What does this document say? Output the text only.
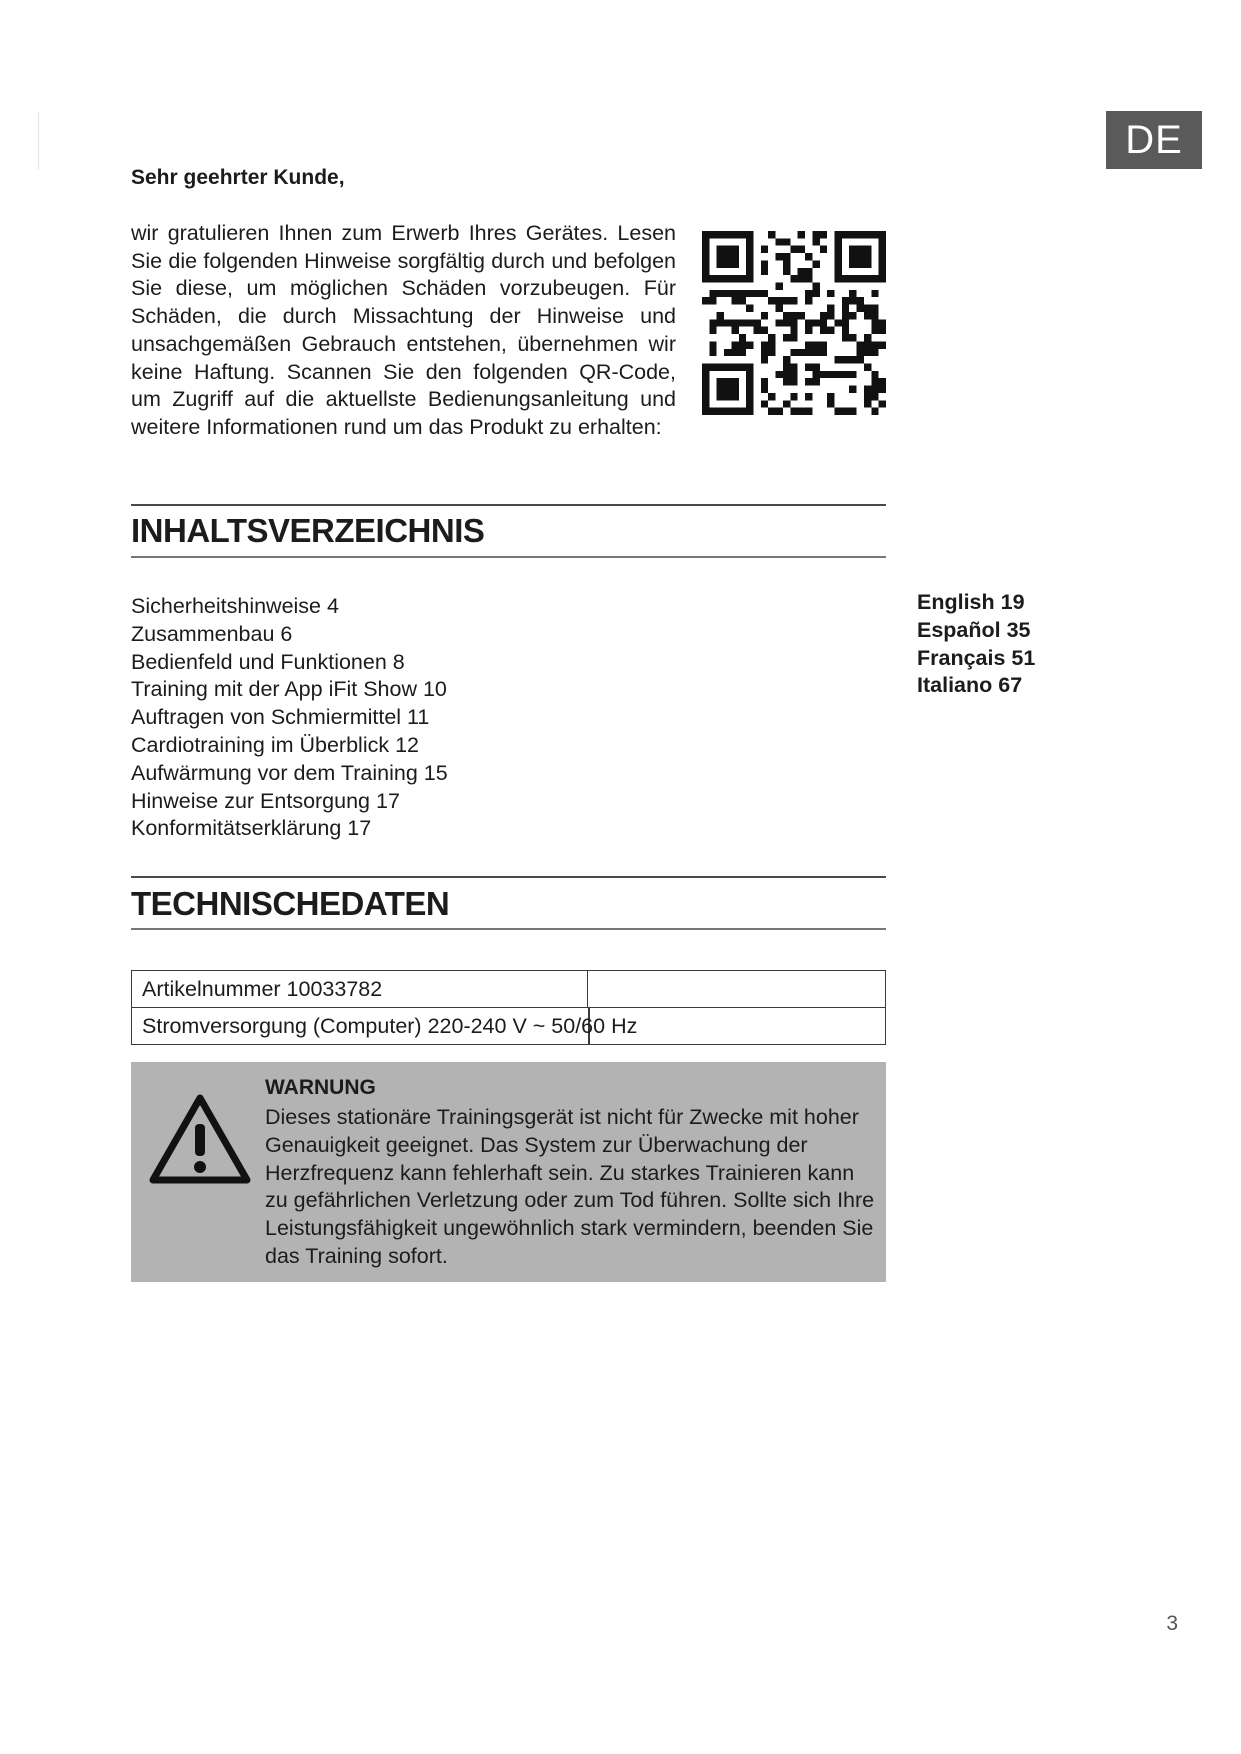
DE
Sehr geehrter Kunde,

wir gratulieren Ihnen zum Erwerb Ihres Gerätes. Lesen Sie die folgenden Hinweise sorgfältig durch und befolgen Sie diese, um möglichen Schäden vorzubeugen. Für Schäden, die durch Missachtung der Hinweise und unsachgemäßen Gebrauch entstehen, übernehmen wir keine Haftung. Scannen Sie den folgenden QR-Code, um Zugriff auf die aktuellste Bedienungsanleitung und weitere Informationen rund um das Produkt zu erhalten:

INHALTSVERZEICHNIS
Sicherheitshinweise 4
Zusammenbau 6
Bedienfeld und Funktionen 8
Training mit der App iFit Show 10
Auftragen von Schmiermittel 11
Cardiotraining im Überblick 12
Aufwärmung vor dem Training 15
Hinweise zur Entsorgung 17
Konformitätserklärung 17
English 19
Español 35
Français 51
Italiano 67
TECHNISCHEDATEN
Artikelnummer 10033782	

Stromversorgung (Computer) 220-240 V ~ 50/60 Hz
WARNUNG

Dieses stationäre Trainingsgerät ist nicht für Zwecke mit hoher Genauigkeit geeignet. Das System zur Überwachung der Herzfrequenz kann fehlerhaft sein. Zu starkes Trainieren kann zu gefährlichen Verletzung oder zum Tod führen. Sollte sich Ihre Leistungsfähigkeit ungewöhnlich stark vermindern, beenden Sie das Training sofort.

3
